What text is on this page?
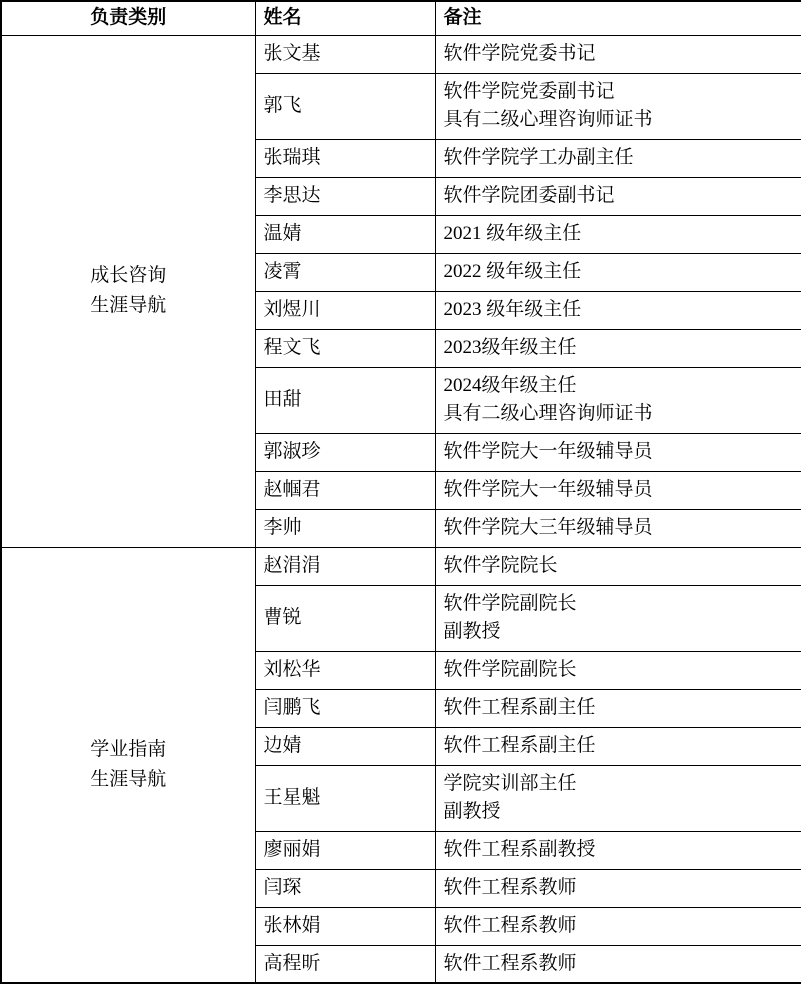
负责类别	姓名	备注

成长咨询
生涯导航	张文基	软件学院党委书记

	郭飞	软件学院党委副书记
具有二级心理咨询师证书

	张瑞琪	软件学院学工办副主任

	李思达	软件学院团委副书记

	温婧	2021 级年级主任

	凌霄	2022 级年级主任

	刘煜川	2023 级年级主任

	程文飞	2023级年级主任

	田甜	2024级年级主任
具有二级心理咨询师证书

	郭淑珍	软件学院大一年级辅导员

	赵帼君	软件学院大一年级辅导员

	李帅	软件学院大三年级辅导员

学业指南
生涯导航	赵涓涓	软件学院院长

	曹锐	软件学院副院长
副教授

	刘松华	软件学院副院长

	闫鹏飞	软件工程系副主任

	边婧	软件工程系副主任

	王星魁	学院实训部主任
副教授

	廖丽娟	软件工程系副教授

	闫琛	软件工程系教师

	张林娟	软件工程系教师

	高程昕	软件工程系教师
